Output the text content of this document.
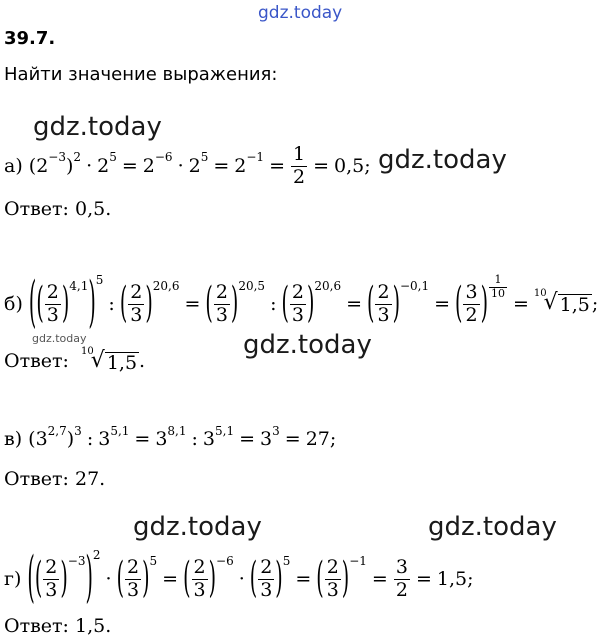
gdz.today
gdz.today
gdz.today
gdz.today	gdz.today
gdz.today	gdz.today
39.7.
Найти значение выражения:
а) ( 2 −3 ) 2 · 2 5 = 2 −6 · 2 $5 = 2 -1 = \frac{1}{2} = 0,5$;
Ответ: 0,5.
б)
( ( $\frac{2}{3}$ ) 4,1 ) 5
: ( $\frac{2}{3}$ ) 20,6
= ( $\frac{2}{3}$ ) 20,5
: ( $\frac{2}{3}$ ) 20,6
= ( $\frac{2}{3}$ ) −0,1
= ( $\frac{3}{2}$ ) $\frac{1}{10}$
= 10
√ 1,5 ;
Ответ:
10
√ 1,5 .
в) ( 3 2,7 ) 3 : 3 5,1 = 3 8,1 : 3 5,1 = 3 3 = 27;
Ответ: 27.
г)
( ( $\frac{2}{3}$ ) −3 ) 2
· ( $\frac{2}{3}$ ) 5
= ( $\frac{2}{3}$ ) −6
· ( $\frac{2}{3}$ ) 5
= ( $\frac{2}{3}$ ) −1
= $\frac{3}{2} = 1,5$;
Ответ: 1,5.
